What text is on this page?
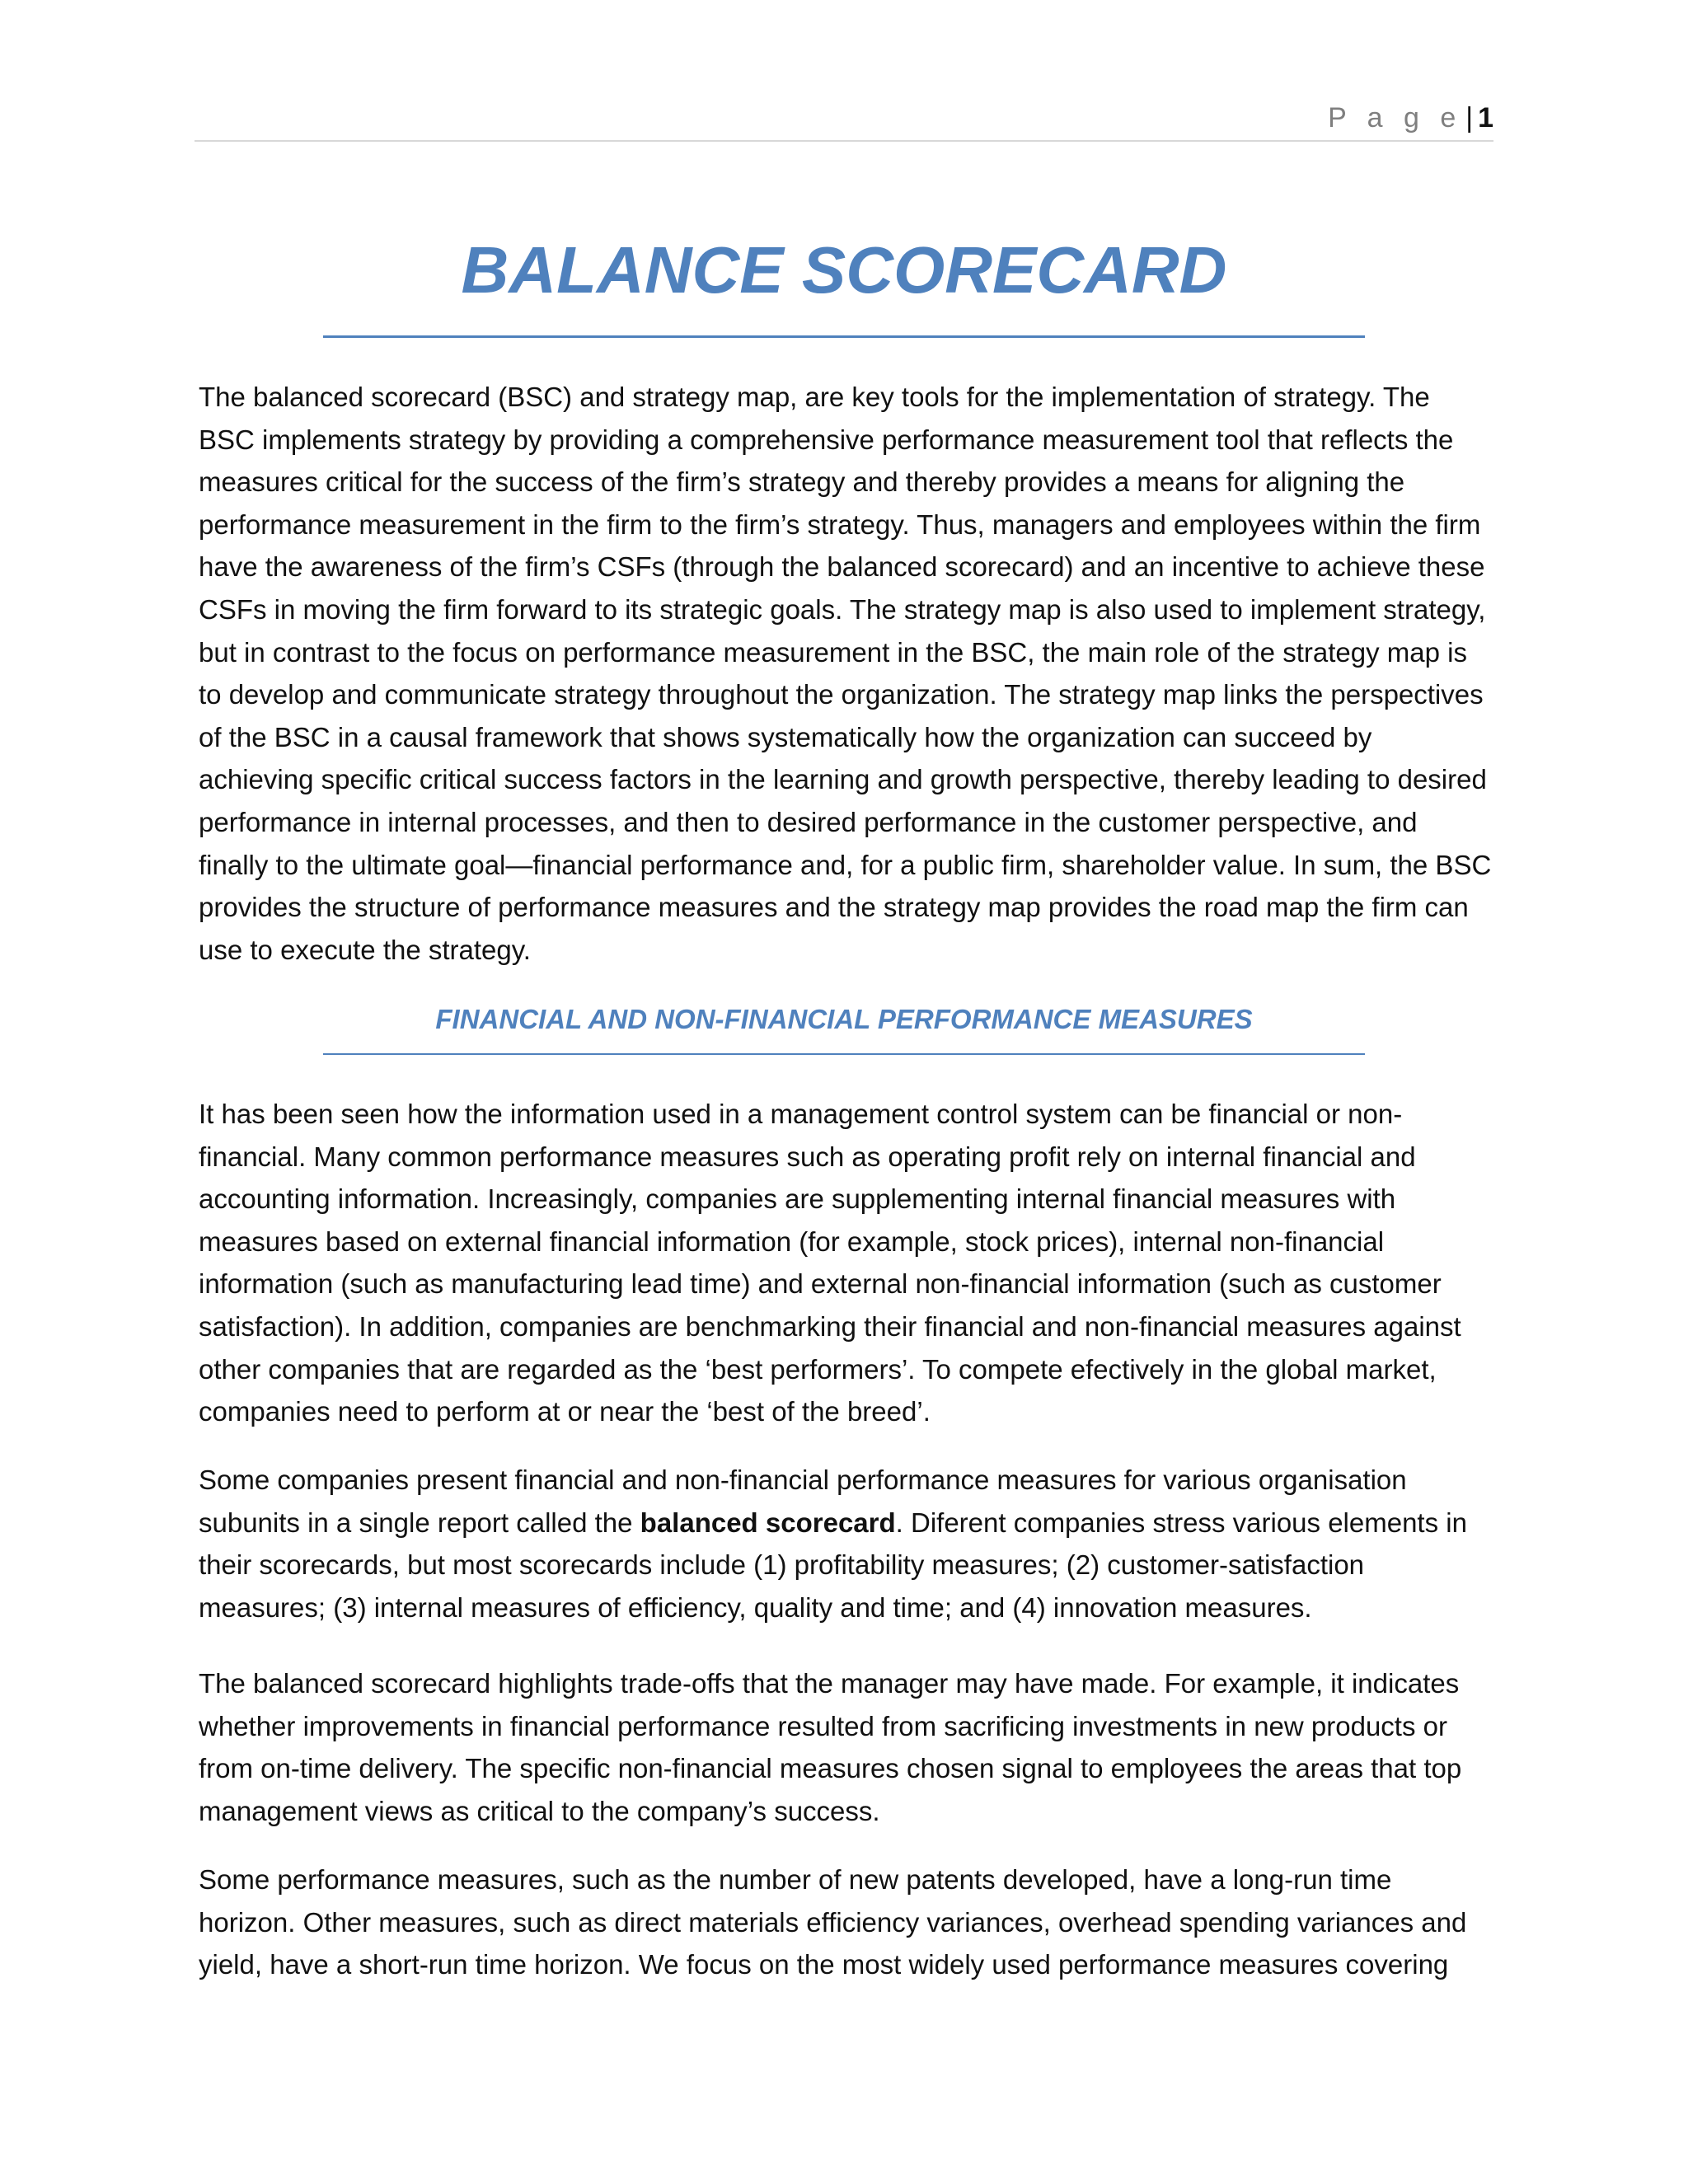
P a g e | 1
BALANCE SCORECARD

The balanced scorecard (BSC) and strategy map, are key tools for the implementation of strategy. The BSC implements strategy by providing a comprehensive performance measurement tool that reflects the measures critical for the success of the firm’s strategy and thereby provides a means for aligning the performance measurement in the firm to the firm’s strategy. Thus, managers and employees within the firm have the awareness of the firm’s CSFs (through the balanced scorecard) and an incentive to achieve these CSFs in moving the firm forward to its strategic goals. The strategy map is also used to implement strategy, but in contrast to the focus on performance measurement in the BSC, the main role of the strategy map is to develop and communicate strategy throughout the organization. The strategy map links the perspectives of the BSC in a causal framework that shows systematically how the organization can succeed by achieving specific critical success factors in the learning and growth perspective, thereby leading to desired performance in internal processes, and then to desired performance in the customer perspective, and finally to the ultimate goal—financial performance and, for a public firm, shareholder value. In sum, the BSC provides the structure of performance measures and the strategy map provides the road map the firm can use to execute the strategy.

FINANCIAL AND NON-FINANCIAL PERFORMANCE MEASURES

It has been seen how the information used in a management control system can be financial or non-financial. Many common performance measures such as operating profit rely on internal financial and accounting information. Increasingly, companies are supplementing internal financial measures with measures based on external financial information (for example, stock prices), internal non-financial information (such as manufacturing lead time) and external non-financial information (such as customer satisfaction). In addition, companies are benchmarking their financial and non-financial measures against other companies that are regarded as the ‘best performers’. To compete efectively in the global market, companies need to perform at or near the ‘best of the breed’.

Some companies present financial and non-financial performance measures for various organisation subunits in a single report called the balanced scorecard. Diferent companies stress various elements in their scorecards, but most scorecards include (1) profitability measures; (2) customer-satisfaction measures; (3) internal measures of efficiency, quality and time; and (4) innovation measures.

The balanced scorecard highlights trade-offs that the manager may have made. For example, it indicates whether improvements in financial performance resulted from sacrificing investments in new products or from on-time delivery. The specific non-financial measures chosen signal to employees the areas that top management views as critical to the company’s success.

Some performance measures, such as the number of new patents developed, have a long-run time horizon. Other measures, such as direct materials efficiency variances, overhead spending variances and yield, have a short-run time horizon. We focus on the most widely used performance measures covering
